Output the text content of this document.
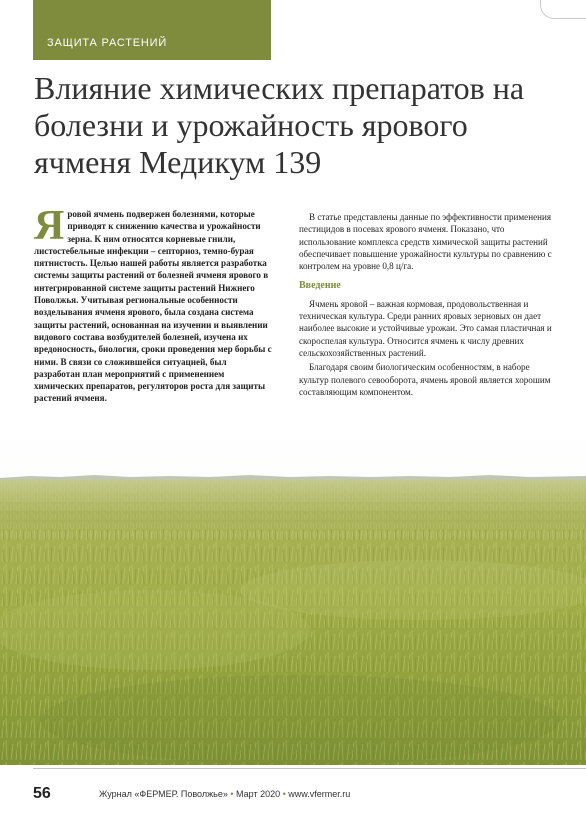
ЗАЩИТА РАСТЕНИЙ
Влияние химических препаратов на болезни и урожайность ярового ячменя Медикум 139

Яровой ячмень подвержен болезнями, которые приводят к снижению качества и урожайности зерна. К ним относятся корневые гнили, листостебельные инфекции – септориоз, темно-бурая пятнистость. Целью нашей работы является разработка системы защиты растений от болезней ячменя ярового в интегрированной системе защиты растений Нижнего Поволжья. Учитывая региональные особенности возделывания ячменя ярового, была создана система защиты растений, основанная на изучении и выявлении видового состава возбудителей болезней, изучена их вредоносность, биология, сроки проведения мер борьбы с ними. В связи со сложившейся ситуацией, был разработан план мероприятий с применением химических препаратов, регуляторов роста для защиты растений ячменя.

В статье представлены данные по эффективности применения пестицидов в посевах ярового ячменя. Показано, что использование комплекса средств химической защиты растений обеспечивает повышение урожайности культуры по сравнению с контролем на уровне 0,8 ц/га.

Введение

Ячмень яровой – важная кормовая, продовольственная и техническая культура. Среди ранних яровых зерновых он дает наиболее высокие и устойчивые урожаи. Это самая пластичная и скороспелая культура. Относится ячмень к числу древних сельскохозяйственных растений.

Благодаря своим биологическим особенностям, в наборе культур полевого севооборота, ячмень яровой является хорошим составляющим компонентом.

56	Журнал «ФЕРМЕР. Поволжье» • Март 2020 • www.vfermer.ru
